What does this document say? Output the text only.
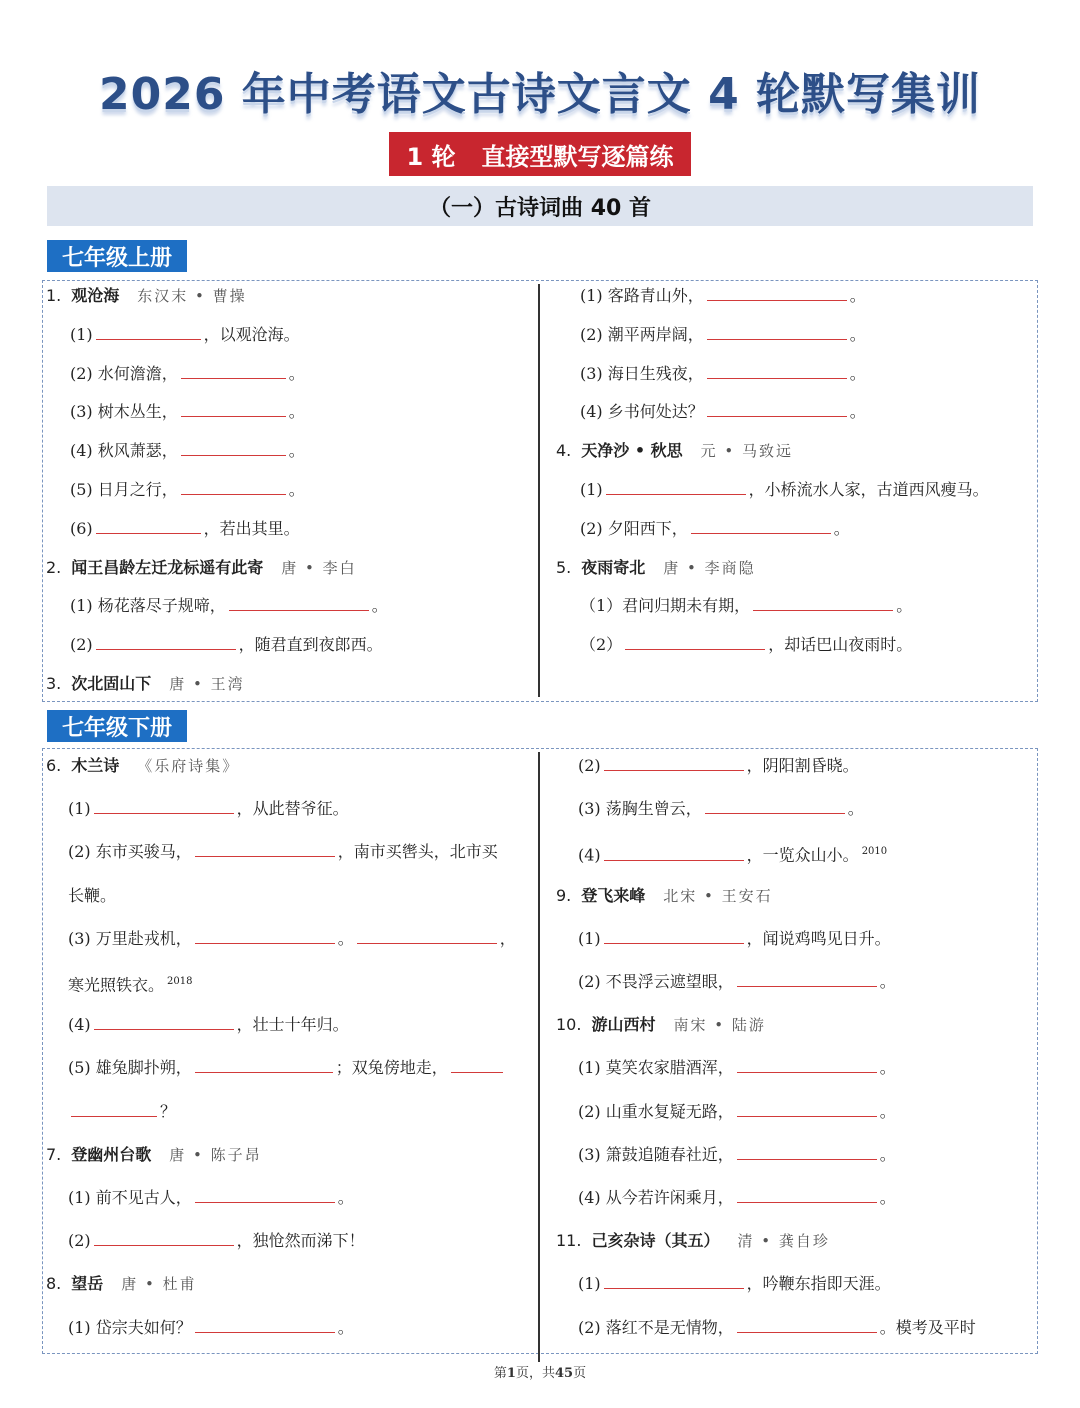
2026 年中考语文古诗文言文 4 轮默写集训
1 轮 直接型默写逐篇练
（一）古诗词曲 40 首
七年级上册
1. 观沧海 东汉末 • 曹操
(1)	，以观沧海。
(2) 水何澹澹，	。
(3) 树木丛生，	。
(4) 秋风萧瑟，	。
(5) 日月之行，	。
(6)	，若出其里。
2. 闻王昌龄左迁龙标遥有此寄 唐 • 李白
(1) 杨花落尽子规啼，	。
(2)	，随君直到夜郎西。
3. 次北固山下 唐 • 王湾
(1) 客路青山外，	。
(2) 潮平两岸阔，	。
(3) 海日生残夜，	。
(4) 乡书何处达？	。
4. 天净沙 • 秋思 元 • 马致远
(1)	，小桥流水人家，古道西风瘦马。
(2) 夕阳西下，	。
5. 夜雨寄北 唐 • 李商隐
（1）君问归期未有期，	。
（2）	，却话巴山夜雨时。
七年级下册
6. 木兰诗 《乐府诗集》
(1)	，从此替爷征。
(2) 东市买骏马，	，南市买辔头，北市买
长鞭。
(3) 万里赴戎机，	。	，
寒光照铁衣。 $^{2018}$
(4)	，壮士十年归。
(5) 雄兔脚扑朔，	；双兔傍地走，
？
7. 登幽州台歌 唐 • 陈子昂
(1) 前不见古人，	。
(2)	，独怆然而涕下！
8. 望岳 唐 • 杜甫
(1) 岱宗夫如何？	。
(2)	，阴阳割昏晓。
(3) 荡胸生曾云，	。
(4)	，一览众山小。 $^{2010}$
9. 登飞来峰 北宋 • 王安石
(1)	，闻说鸡鸣见日升。
(2) 不畏浮云遮望眼，	。
10. 游山西村 南宋 • 陆游
(1) 莫笑农家腊酒浑，	。
(2) 山重水复疑无路，	。
(3) 箫鼓追随春社近，	。
(4) 从今若许闲乘月，	。
11. 己亥杂诗（其五） 清 • 龚自珍
(1)	，吟鞭东指即天涯。
(2) 落红不是无情物，	。模考及平时
第1页，共45页
